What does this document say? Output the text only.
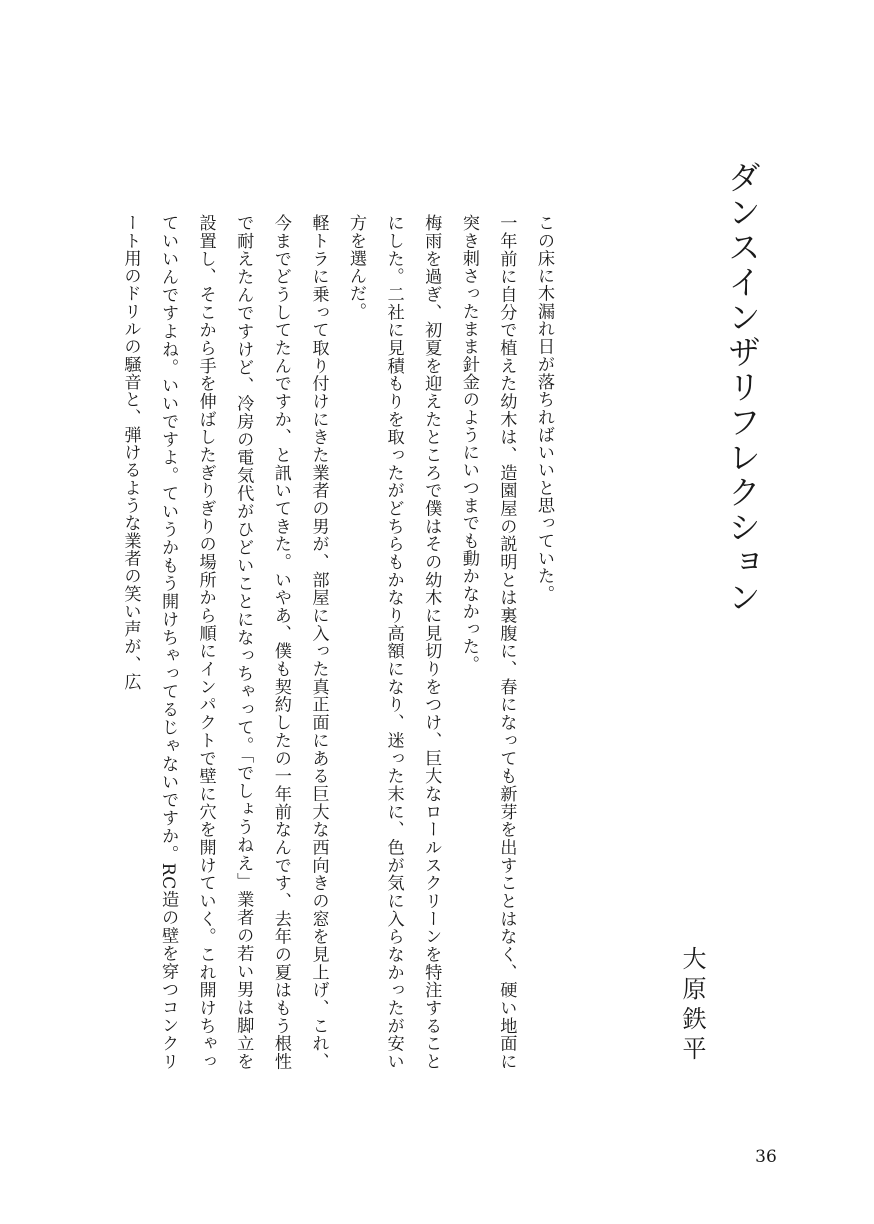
ダンスインザリフレクション
大原鉄平

この床に木漏れ日が落ちればいいと思っていた。

一年前に自分で植えた幼木は、造園屋の説明とは裏腹に、春になっても新芽を出すことはなく、硬い地面に突き刺さったまま針金のようにいつまでも動かなかった。

梅雨を過ぎ、初夏を迎えたところで僕はその幼木に見切りをつけ、巨大なロールスクリーンを特注することにした。二社に見積もりを取ったがどちらもかなり高額になり、迷った末に、色が気に入らなかったが安い方を選んだ。

軽トラに乗って取り付けにきた業者の男が、部屋に入った真正面にある巨大な西向きの窓を見上げ、これ、今までどうしてたんですか、と訊いてきた。いやあ、僕も契約したの一年前なんです、去年の夏はもう根性で耐えたんですけど、冷房の電気代がひどいことになっちゃって。「でしょうねえ」業者の若い男は脚立を設置し、そこから手を伸ばしたぎりぎりの場所から順にインパクトで壁に穴を開けていく。これ開けちゃっていいんですよね。いいですよ。ていうかもう開けちゃってるじゃないですか。RC造の壁を穿つコンクリート用のドリルの騒音と、弾けるような業者の笑い声が、広

36
